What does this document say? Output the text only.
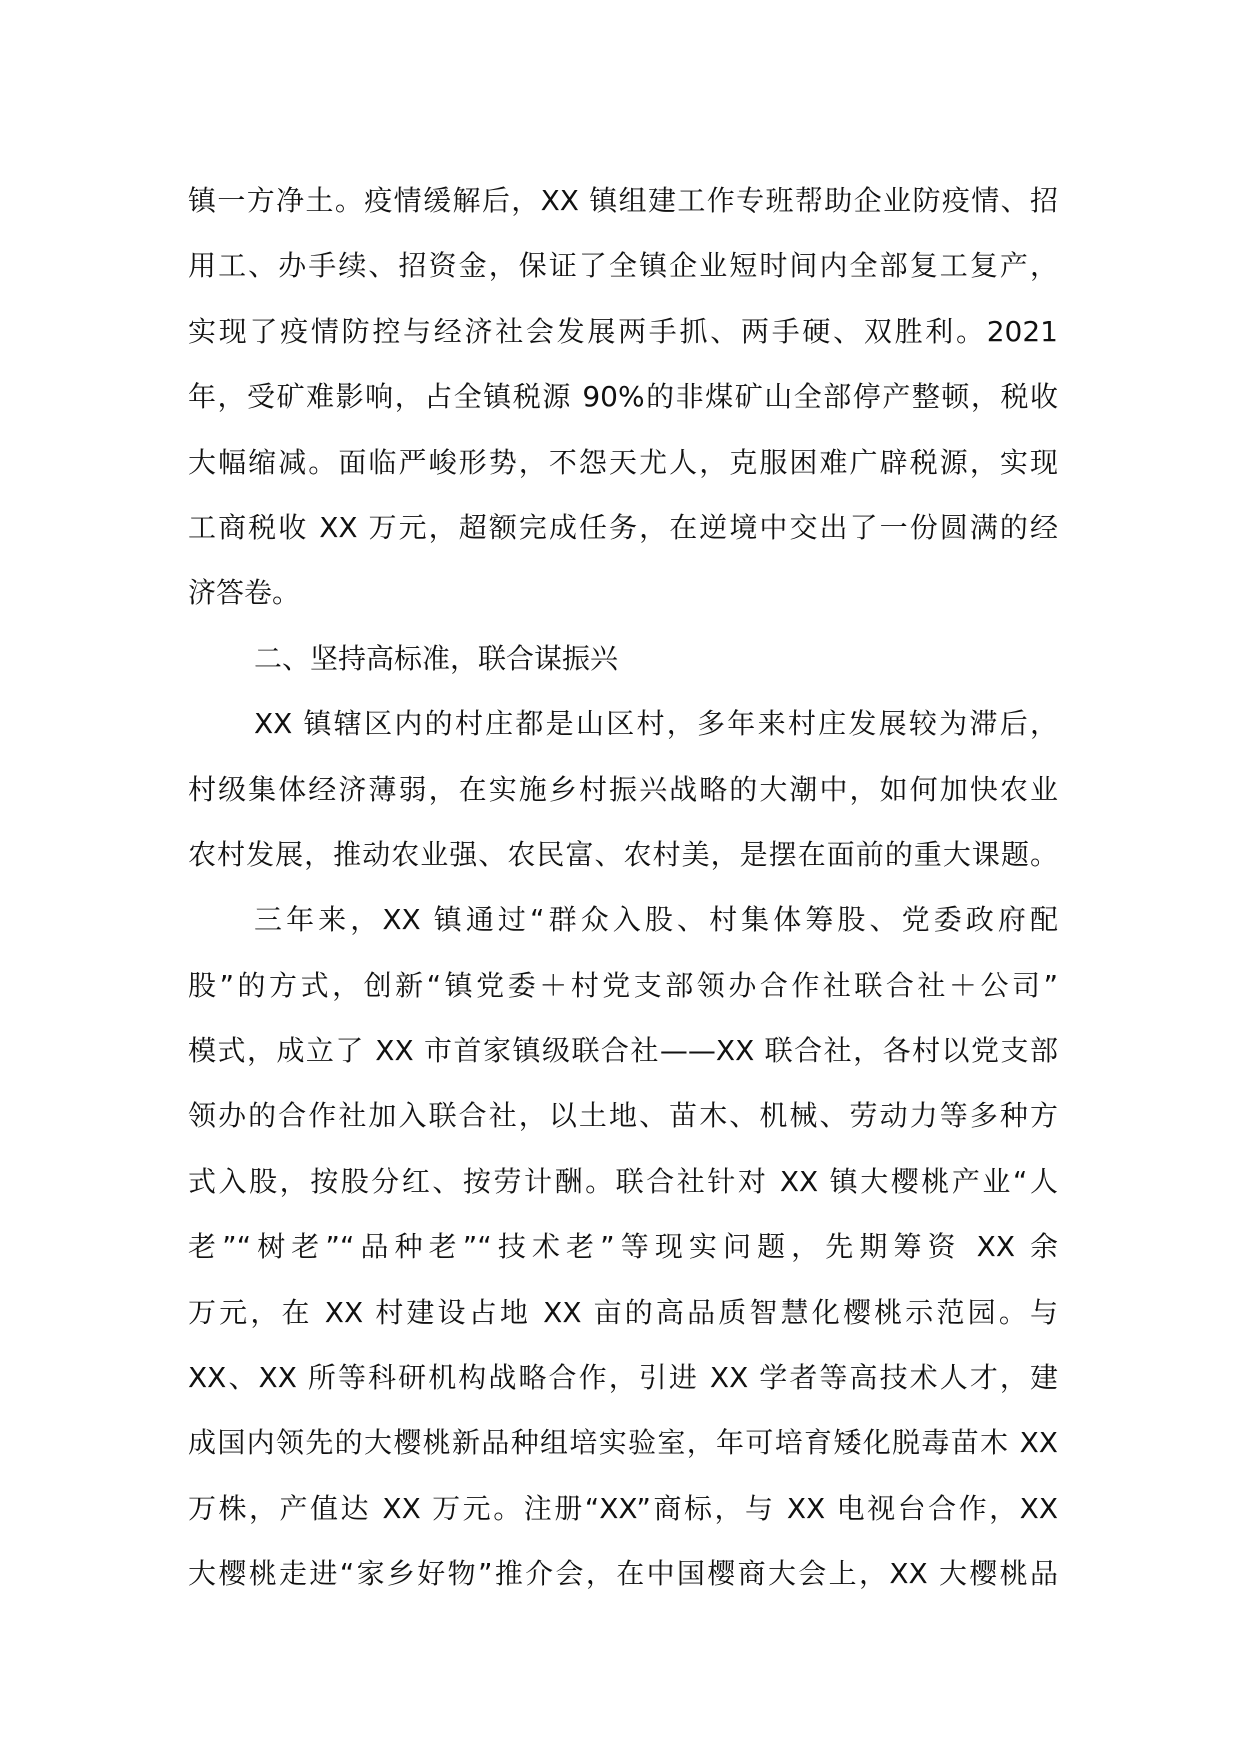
镇一方净土。疫情缓解后，XX 镇组建工作专班帮助企业防疫情、招
用工、办手续、招资金，保证了全镇企业短时间内全部复工复产，
实现了疫情防控与经济社会发展两手抓、两手硬、双胜利。2021
年，受矿难影响，占全镇税源 90%的非煤矿山全部停产整顿，税收
大幅缩减。面临严峻形势，不怨天尤人，克服困难广辟税源，实现
工商税收 XX 万元，超额完成任务，在逆境中交出了一份圆满的经
济答卷。
二、坚持高标准，联合谋振兴
XX 镇辖区内的村庄都是山区村，多年来村庄发展较为滞后，
村级集体经济薄弱，在实施乡村振兴战略的大潮中，如何加快农业
农村发展，推动农业强、农民富、农村美，是摆在面前的重大课题。
三年来，XX 镇通过“群众入股、村集体筹股、党委政府配
股”的方式，创新“镇党委＋村党支部领办合作社联合社＋公司”
模式，成立了 XX 市首家镇级联合社——XX 联合社，各村以党支部
领办的合作社加入联合社，以土地、苗木、机械、劳动力等多种方
式入股，按股分红、按劳计酬。联合社针对 XX 镇大樱桃产业“人
老”“树老”“品种老”“技术老”等现实问题，先期筹资 XX 余
万元，在 XX 村建设占地 XX 亩的高品质智慧化樱桃示范园。与
XX、XX 所等科研机构战略合作，引进 XX 学者等高技术人才，建
成国内领先的大樱桃新品种组培实验室，年可培育矮化脱毒苗木 XX
万株，产值达 XX 万元。注册“XX”商标，与 XX 电视台合作，XX
大樱桃走进“家乡好物”推介会，在中国樱商大会上，XX 大樱桃品
